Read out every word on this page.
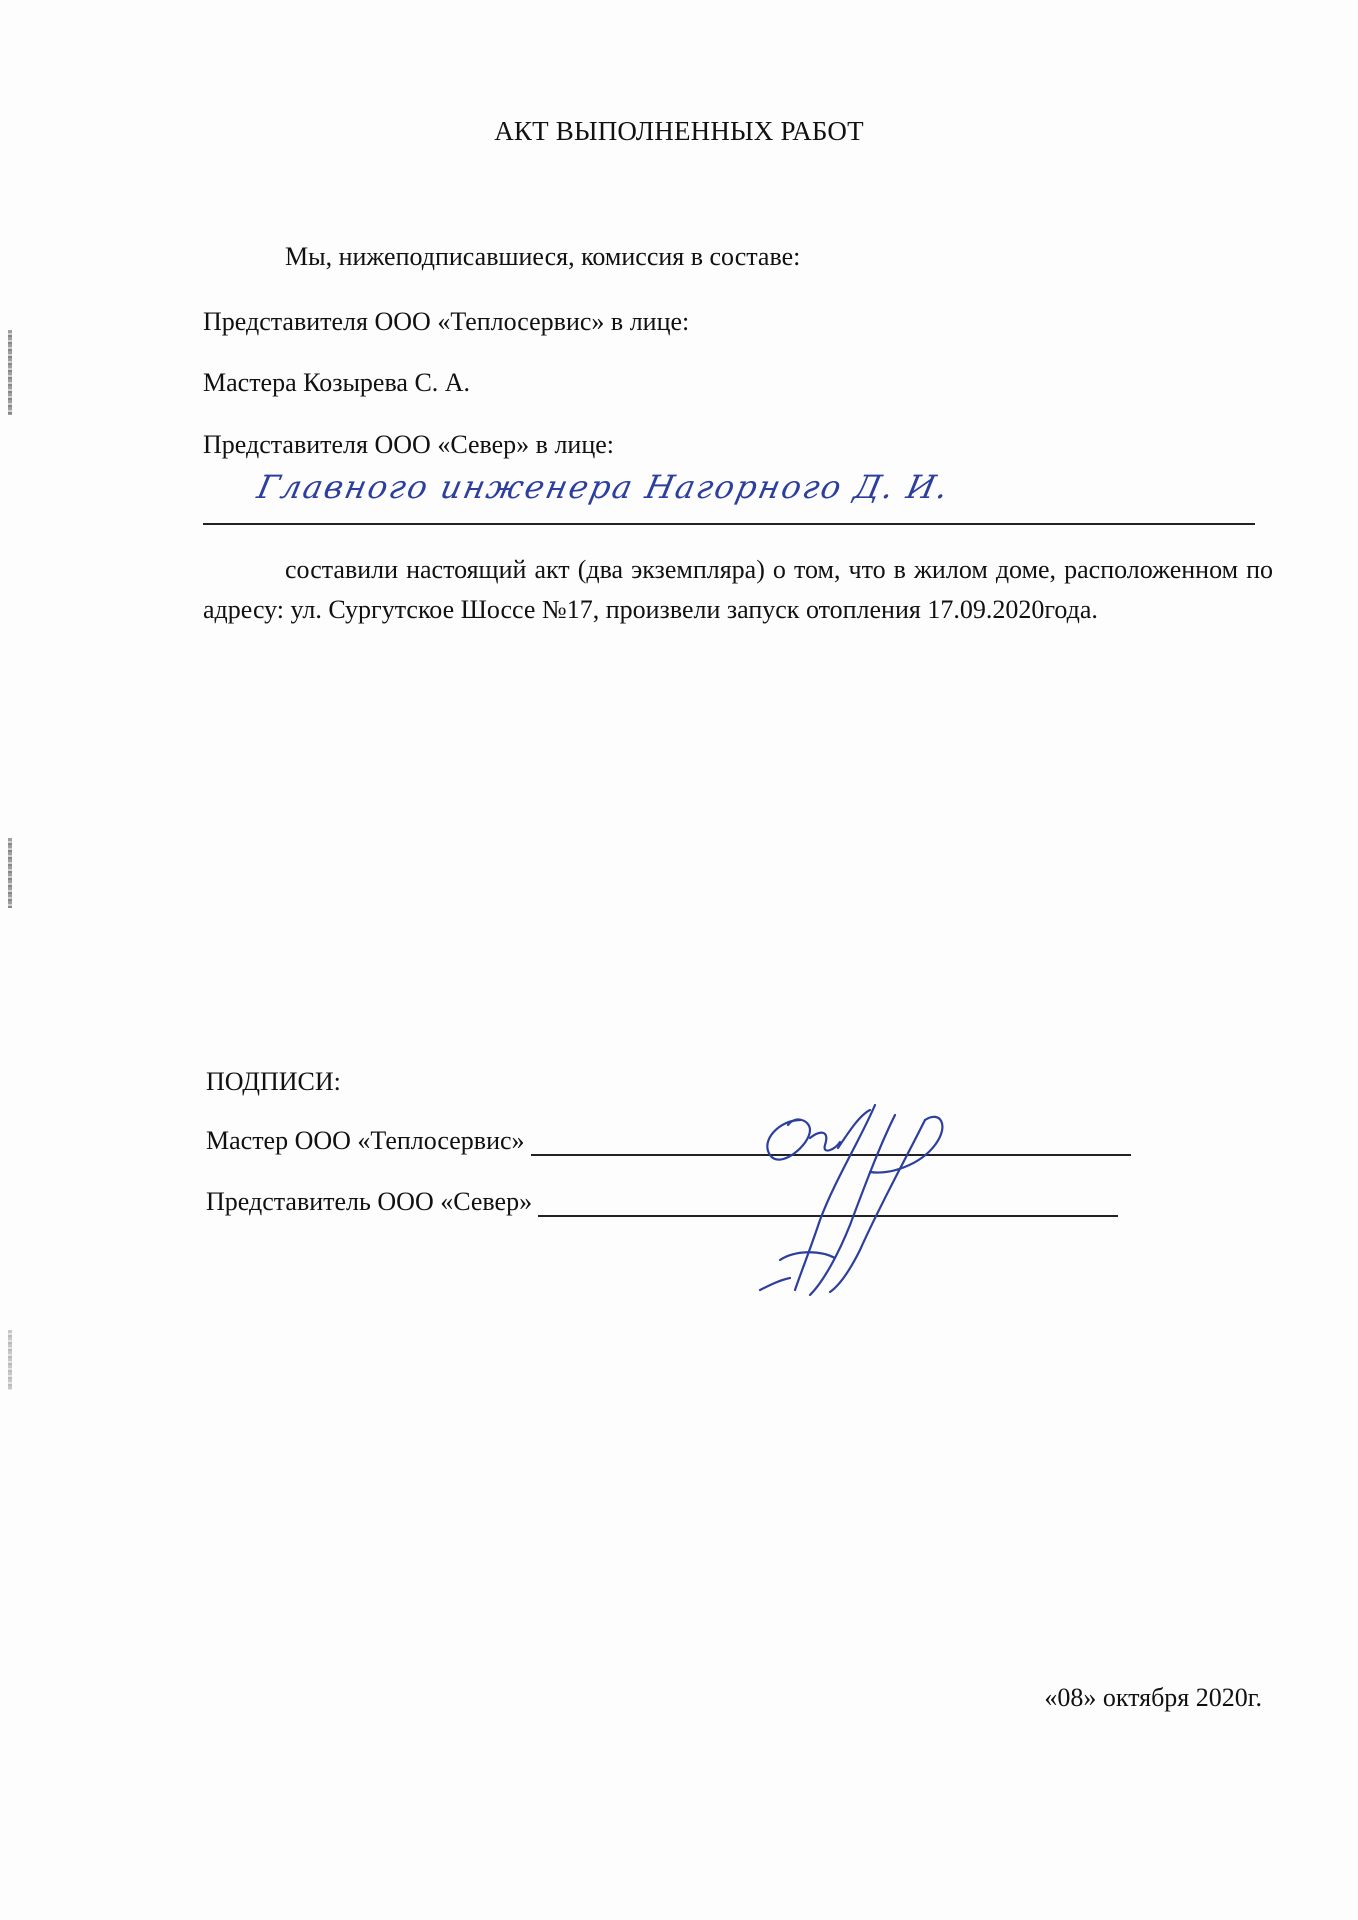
АКТ ВЫПОЛНЕННЫХ РАБОТ
Мы, нижеподписавшиеся, комиссия в составе:
Представителя ООО «Теплосервис» в лице:
Мастера Козырева С. А.
Представителя ООО «Север» в лице:
Главного инженера Нагорного Д. И.
составили настоящий акт (два экземпляра) о том, что в жилом доме, расположенном по адресу: ул. Сургутское Шоссе №17, произвели запуск отопления 17.09.2020года.
ПОДПИСИ:
Мастер ООО «Теплосервис»
Представитель ООО «Север»
«08» октября 2020г.
